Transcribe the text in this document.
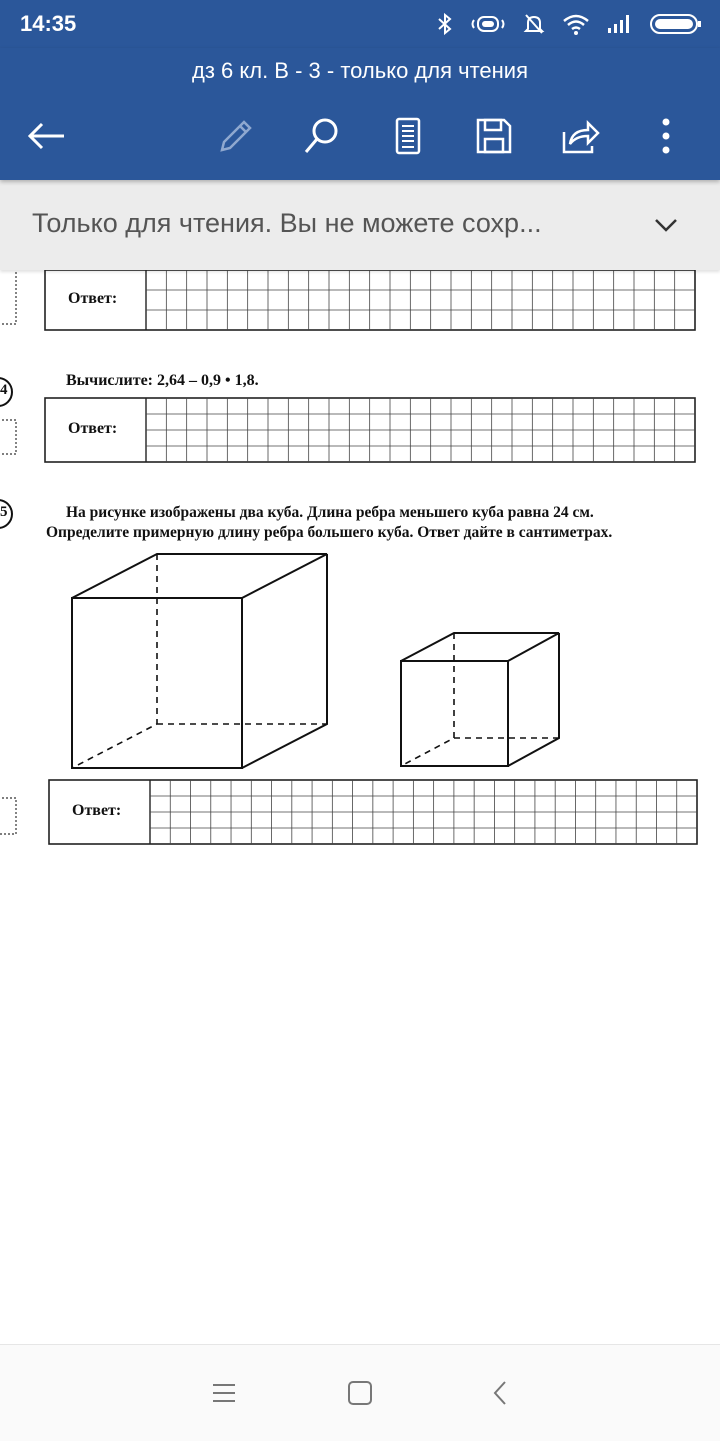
14:35
дз 6 кл. В - 3 - только для чтения
Только для чтения. Вы не можете сохр...
Ответ:
4
Вычислите: 2,64 – 0,9 • 1,8.
Ответ:
5	На рисунке изображены два куба. Длина ребра меньшего куба равна 24 см.
Определите примерную длину ребра большего куба. Ответ дайте в сантиметрах.
Ответ:
